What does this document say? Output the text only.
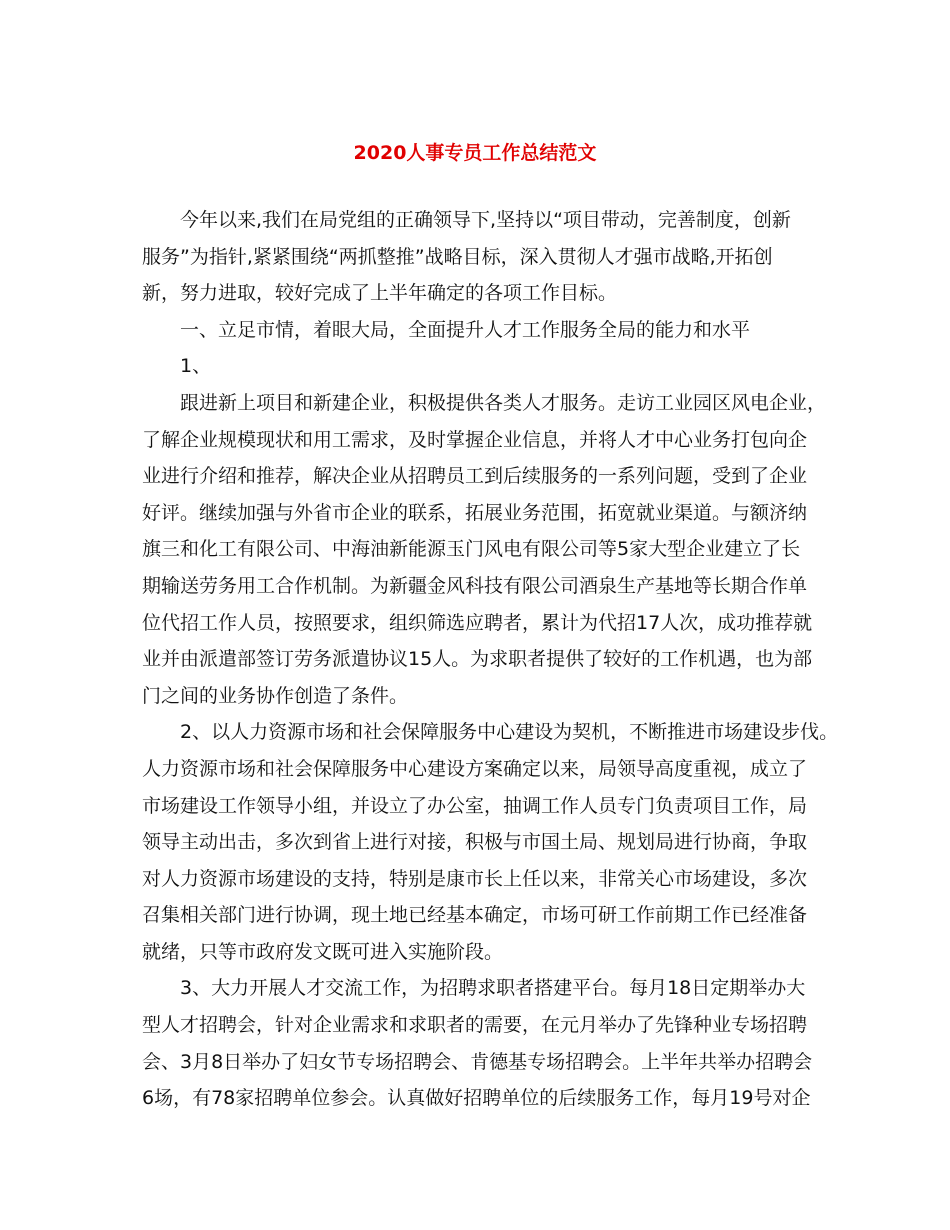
2020人事专员工作总结范文
今年以来,我们在局党组的正确领导下,坚持以“项目带动，完善制度，创新
服务”为指针,紧紧围绕“两抓整推”战略目标，深入贯彻人才强市战略,开拓创
新，努力进取，较好完成了上半年确定的各项工作目标。
一、立足市情，着眼大局，全面提升人才工作服务全局的能力和水平
1、
跟进新上项目和新建企业，积极提供各类人才服务。走访工业园区风电企业，
了解企业规模现状和用工需求，及时掌握企业信息，并将人才中心业务打包向企
业进行介绍和推荐，解决企业从招聘员工到后续服务的一系列问题，受到了企业
好评。继续加强与外省市企业的联系，拓展业务范围，拓宽就业渠道。与额济纳
旗三和化工有限公司、中海油新能源玉门风电有限公司等5家大型企业建立了长
期输送劳务用工合作机制。为新疆金风科技有限公司酒泉生产基地等长期合作单
位代招工作人员，按照要求，组织筛选应聘者，累计为代招17人次，成功推荐就
业并由派遣部签订劳务派遣协议15人。为求职者提供了较好的工作机遇，也为部
门之间的业务协作创造了条件。
2、以人力资源市场和社会保障服务中心建设为契机，不断推进市场建设步伐。
人力资源市场和社会保障服务中心建设方案确定以来，局领导高度重视，成立了
市场建设工作领导小组，并设立了办公室，抽调工作人员专门负责项目工作，局
领导主动出击，多次到省上进行对接，积极与市国土局、规划局进行协商，争取
对人力资源市场建设的支持，特别是康市长上任以来，非常关心市场建设，多次
召集相关部门进行协调，现土地已经基本确定，市场可研工作前期工作已经准备
就绪，只等市政府发文既可进入实施阶段。
3、大力开展人才交流工作，为招聘求职者搭建平台。每月18日定期举办大
型人才招聘会，针对企业需求和求职者的需要，在元月举办了先锋种业专场招聘
会、3月8日举办了妇女节专场招聘会、肯德基专场招聘会。上半年共举办招聘会
6场，有78家招聘单位参会。认真做好招聘单位的后续服务工作，每月19号对企
